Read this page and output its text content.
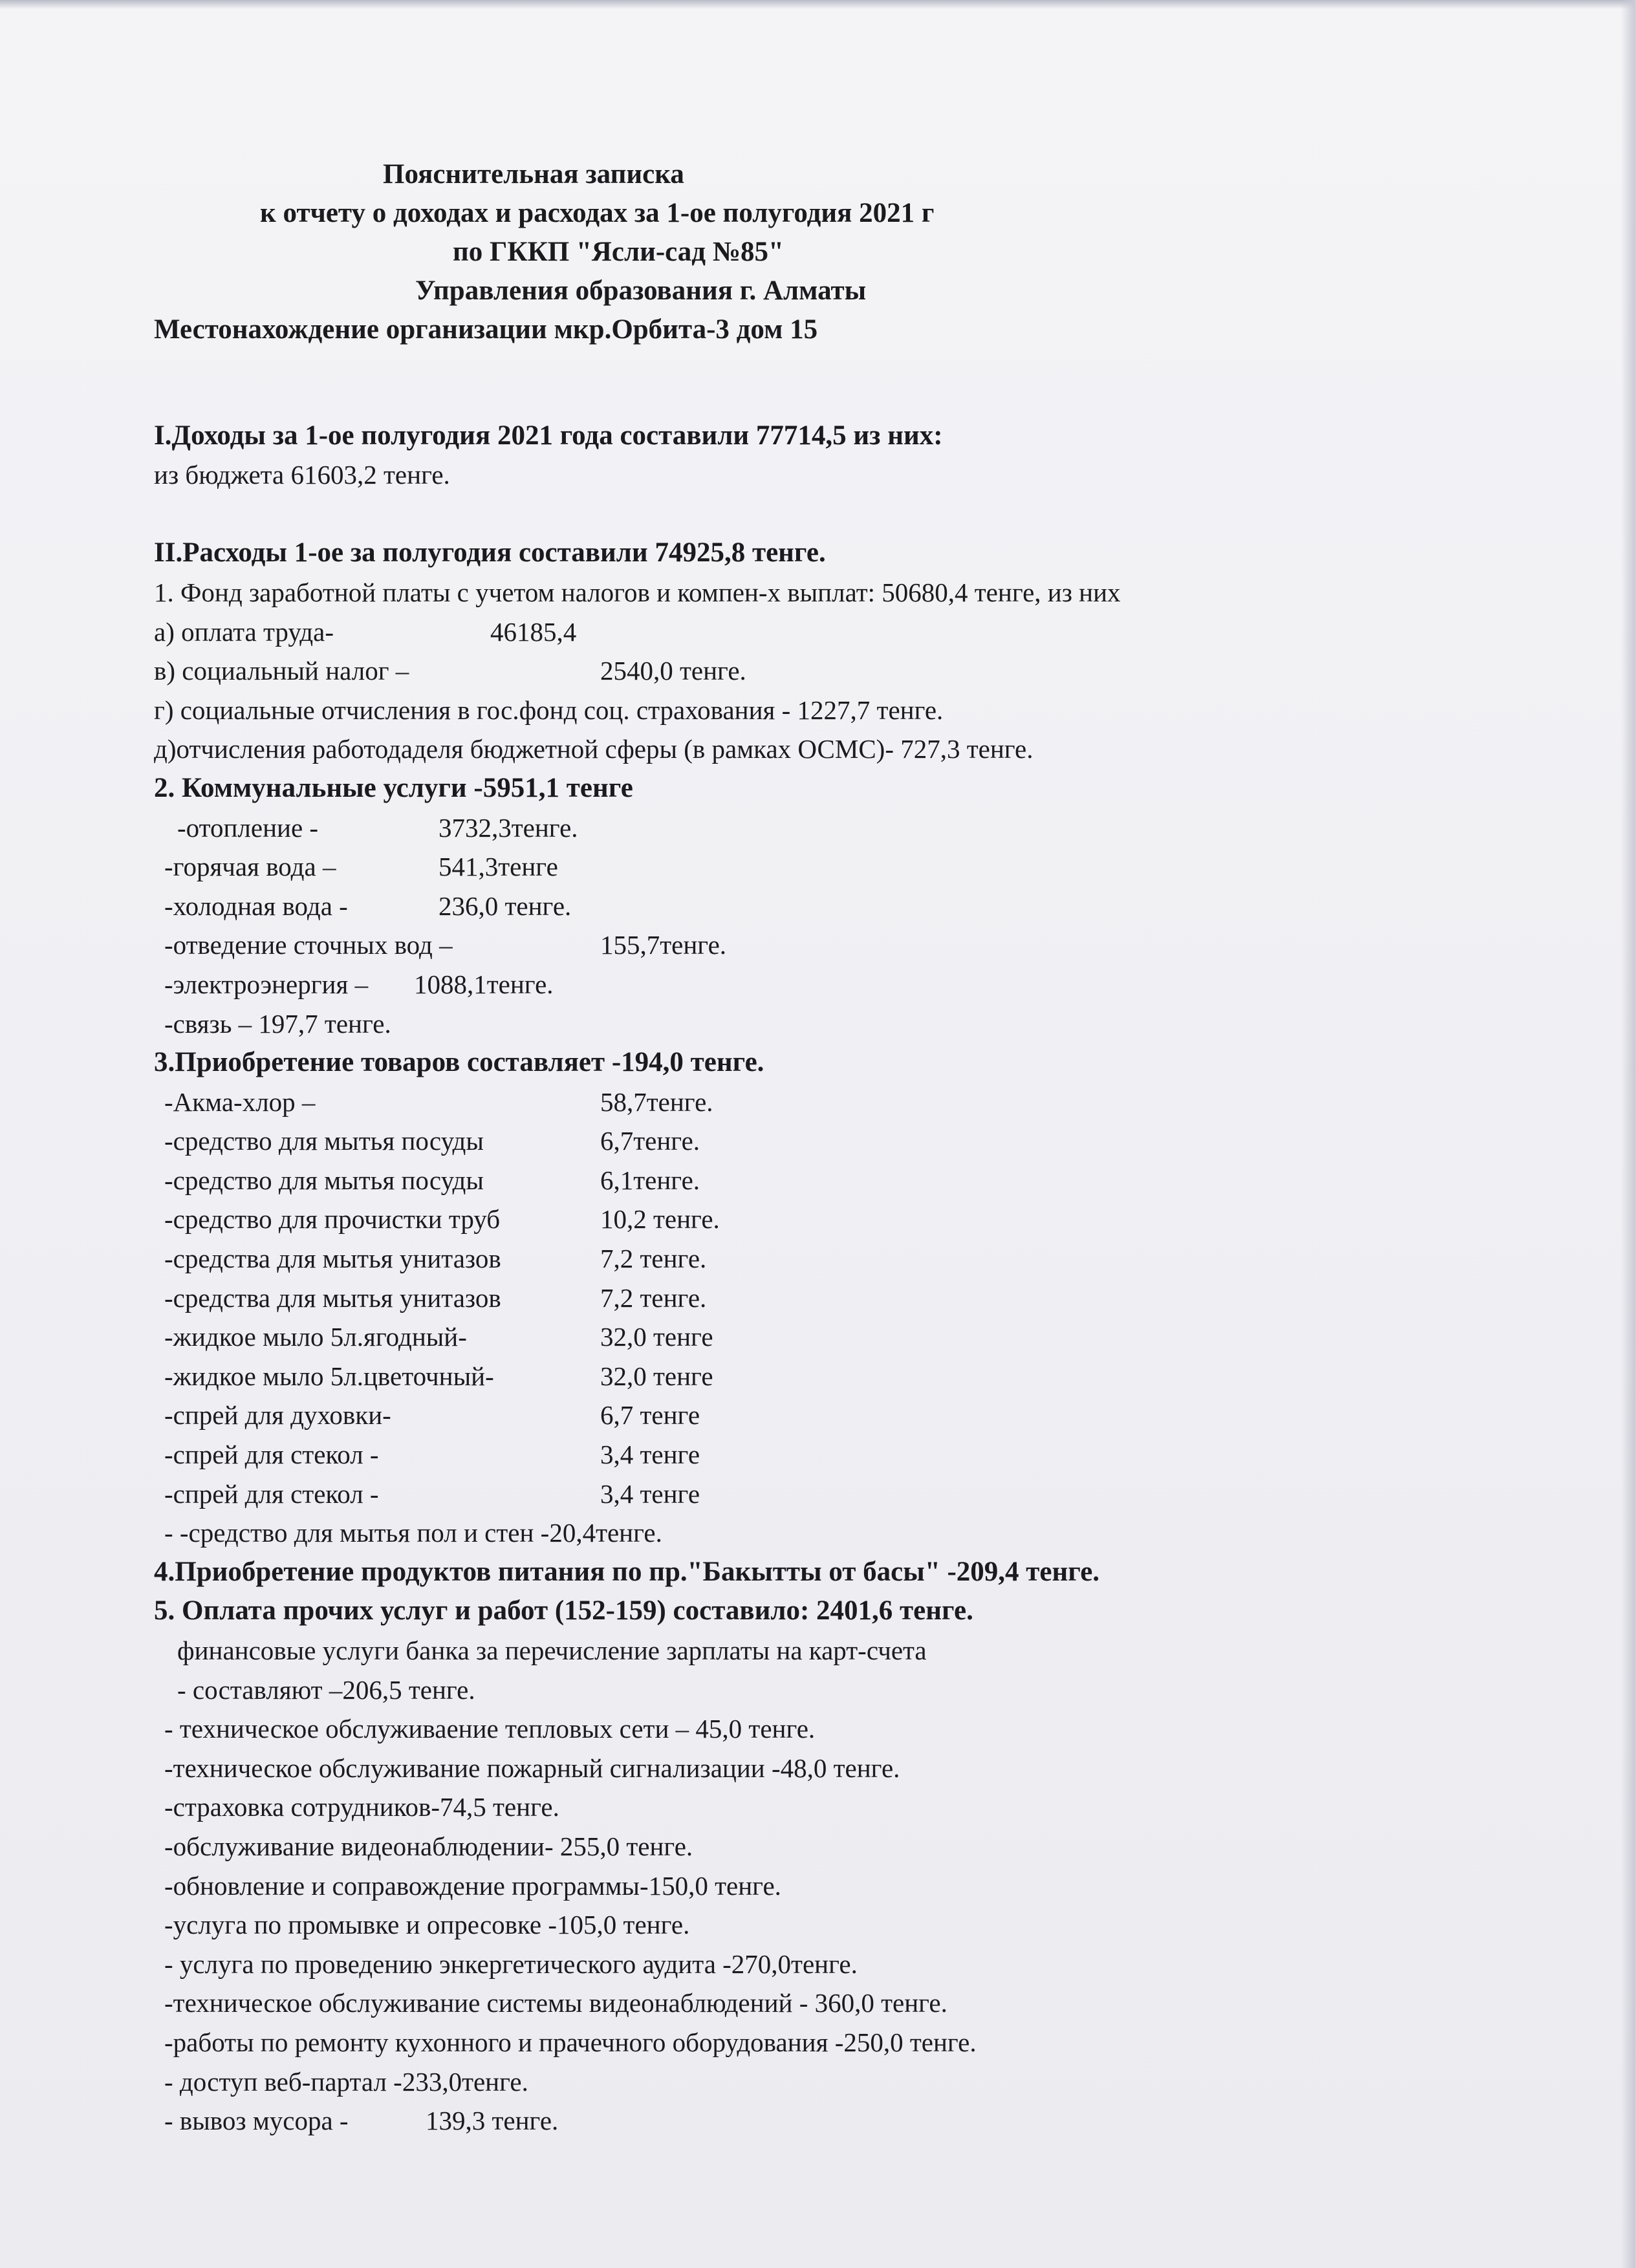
Пояснительная записка
к отчету о доходах и расходах за 1-ое полугодия 2021 г
по ГККП "Ясли-сад №85"
Управления образования г. Алматы
Местонахождение организации мкр.Орбита-3 дом 15
I.Доходы за 1-ое полугодия 2021 года составили 77714,5 из них:
из бюджета 61603,2 тенге.
II.Расходы 1-ое за полугодия составили 74925,8 тенге.
1. Фонд заработной платы с учетом налогов и компен-х выплат: 50680,4 тенге, из них
а) оплата труда-	46185,4
в) социальный налог –	2540,0 тенге.
г) социальные отчисления в гос.фонд соц. страхования - 1227,7 тенге.
д)отчисления работодаделя бюджетной сферы (в рамках ОСМС)- 727,3 тенге.
2. Коммунальные услуги -5951,1 тенге
-отопление -	3732,3тенге.
-горячая вода –	541,3тенге
-холодная вода -	236,0 тенге.
-отведение сточных вод –	155,7тенге.
-электроэнергия – 1088,1тенге.
-связь – 197,7 тенге.
3.Приобретение товаров составляет -194,0 тенге.
-Акма-хлор –	58,7тенге.
-средство для мытья посуды	6,7тенге.
-средство для мытья посуды	6,1тенге.
-средство для прочистки труб	10,2 тенге.
-средства для мытья унитазов	7,2 тенге.
-средства для мытья унитазов	7,2 тенге.
-жидкое мыло 5л.ягодный-	32,0 тенге
-жидкое мыло 5л.цветочный-	32,0 тенге
-спрей для духовки-	6,7 тенге
-спрей для стекол -	3,4 тенге
-спрей для стекол -	3,4 тенге
- -средство для мытья пол и стен -20,4тенге.
4.Приобретение продуктов питания по пр."Бакытты от басы" -209,4 тенге.
5. Оплата прочих услуг и работ (152-159) составило: 2401,6 тенге.
финансовые услуги банка за перечисление зарплаты на карт-счета
- составляют –206,5 тенге.
- техническое обслуживаение тепловых сети – 45,0 тенге.
-техническое обслуживание пожарный сигнализации -48,0 тенге.
-страховка сотрудников-74,5 тенге.
-обслуживание видеонаблюдении- 255,0 тенге.
-обновление и сопрaвождение программы-150,0 тенге.
-услуга по промывке и опресовке -105,0 тенге.
- услуга по проведению энкергетического аудита -270,0тенге.
-техническое обслуживание системы видеонаблюдений - 360,0 тенге.
-работы по ремонту кухонного и прачечного оборудования -250,0 тенге.
- доступ веб-партал -233,0тенге.
- вывоз мусора -	139,3 тенге.
